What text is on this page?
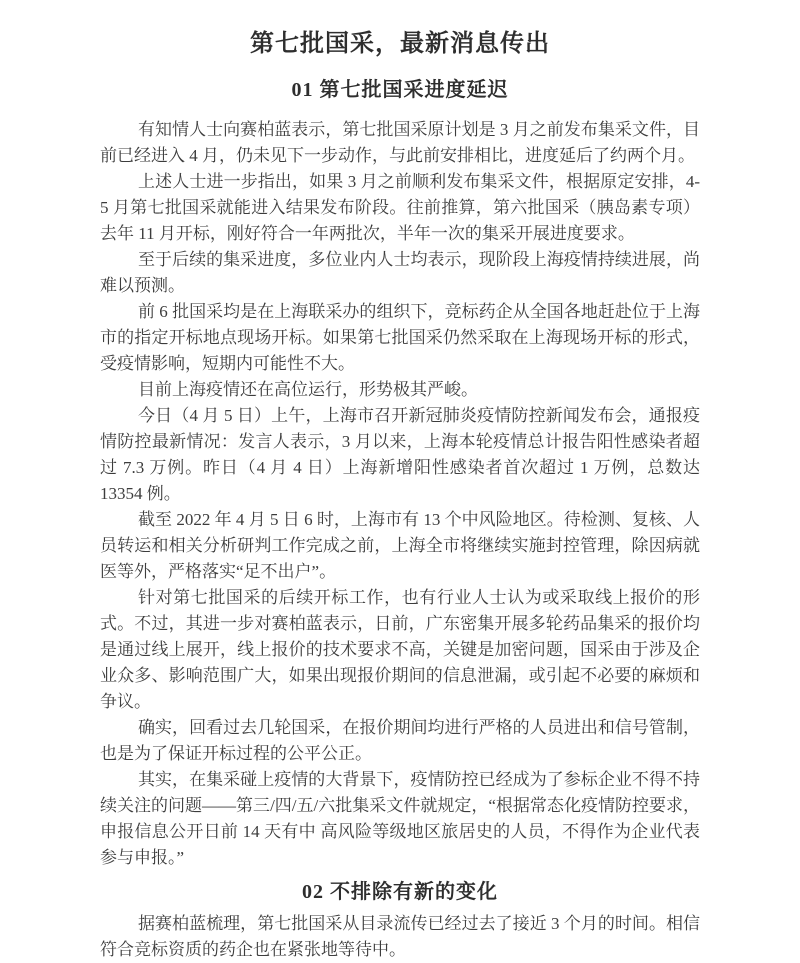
第七批国采，最新消息传出
01 第七批国采进度延迟

有知情人士向赛柏蓝表示，第七批国采原计划是 3 月之前发布集采文件，目前已经进入 4 月，仍未见下一步动作，与此前安排相比，进度延后了约两个月。

上述人士进一步指出，如果 3 月之前顺利发布集采文件，根据原定安排，4-5 月第七批国采就能进入结果发布阶段。往前推算，第六批国采（胰岛素专项）去年 11 月开标，刚好符合一年两批次，半年一次的集采开展进度要求。

至于后续的集采进度，多位业内人士均表示，现阶段上海疫情持续进展，尚难以预测。

前 6 批国采均是在上海联采办的组织下，竞标药企从全国各地赶赴位于上海市的指定开标地点现场开标。如果第七批国采仍然采取在上海现场开标的形式，受疫情影响，短期内可能性不大。

目前上海疫情还在高位运行，形势极其严峻。

今日（4 月 5 日）上午，上海市召开新冠肺炎疫情防控新闻发布会，通报疫情防控最新情况：发言人表示，3 月以来，上海本轮疫情总计报告阳性感染者超过 7.3 万例。昨日（4 月 4 日）上海新增阳性感染者首次超过 1 万例，总数达 13354 例。

截至 2022 年 4 月 5 日 6 时，上海市有 13 个中风险地区。待检测、复核、人员转运和相关分析研判工作完成之前，上海全市将继续实施封控管理，除因病就医等外，严格落实“足不出户”。

针对第七批国采的后续开标工作，也有行业人士认为或采取线上报价的形式。不过，其进一步对赛柏蓝表示，日前，广东密集开展多轮药品集采的报价均是通过线上展开，线上报价的技术要求不高，关键是加密问题，国采由于涉及企业众多、影响范围广大，如果出现报价期间的信息泄漏，或引起不必要的麻烦和争议。

确实，回看过去几轮国采，在报价期间均进行严格的人员进出和信号管制，也是为了保证开标过程的公平公正。

其实，在集采碰上疫情的大背景下，疫情防控已经成为了参标企业不得不持续关注的问题——第三/四/五/六批集采文件就规定，“根据常态化疫情防控要求，申报信息公开日前 14 天有中 高风险等级地区旅居史的人员，不得作为企业代表参与申报。”

02 不排除有新的变化

据赛柏蓝梳理，第七批国采从目录流传已经过去了接近 3 个月的时间。相信符合竞标资质的药企也在紧张地等待中。
